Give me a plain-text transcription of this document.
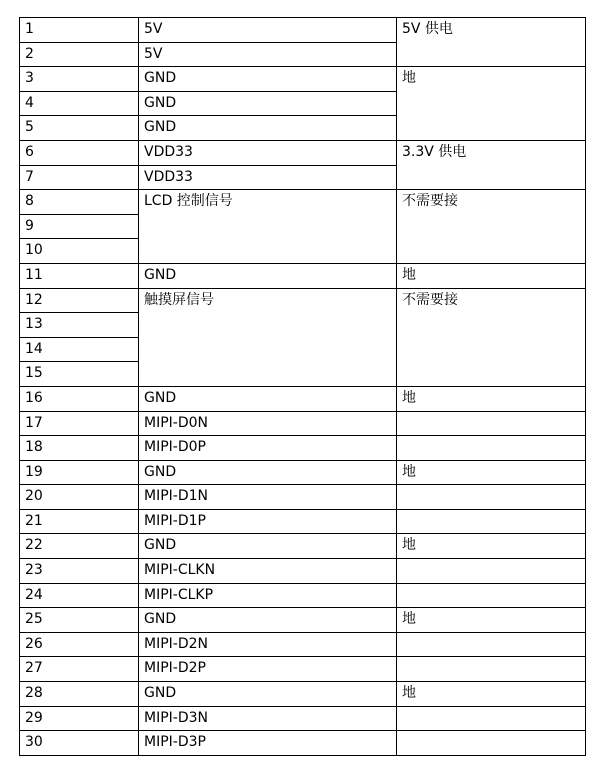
1	5V	5V 供电
2	5V	
3	GND	地
4	GND	
5	GND	
6	VDD33	3.3V 供电
7	VDD33	
8	LCD 控制信号	不需要接
9		
10		
11	GND	地
12	触摸屏信号	不需要接
13		
14		
15		
16	GND	地
17	MIPI-D0N	
18	MIPI-D0P	
19	GND	地
20	MIPI-D1N	
21	MIPI-D1P	
22	GND	地
23	MIPI-CLKN	
24	MIPI-CLKP	
25	GND	地
26	MIPI-D2N	
27	MIPI-D2P	
28	GND	地
29	MIPI-D3N	
30	MIPI-D3P	
